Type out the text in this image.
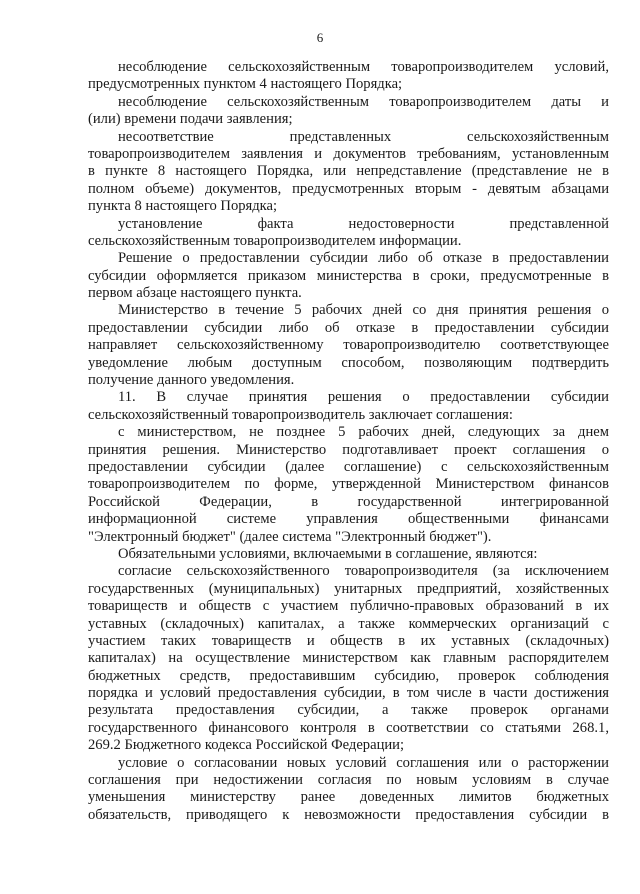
6
несоблюдение сельскохозяйственным товаропроизводителем условий,
предусмотренных пунктом 4 настоящего Порядка;
несоблюдение сельскохозяйственным товаропроизводителем даты и
(или) времени подачи заявления;
несоответствие представленных сельскохозяйственным
товаропроизводителем заявления и документов требованиям, установленным
в пункте 8 настоящего Порядка, или непредставление (представление не в
полном объеме) документов, предусмотренных вторым - девятым абзацами
пункта 8 настоящего Порядка;
установление факта недостоверности представленной
сельскохозяйственным товаропроизводителем информации.
Решение о предоставлении субсидии либо об отказе в предоставлении
субсидии оформляется приказом министерства в сроки, предусмотренные в
первом абзаце настоящего пункта.
Министерство в течение 5 рабочих дней со дня принятия решения о
предоставлении субсидии либо об отказе в предоставлении субсидии
направляет сельскохозяйственному товаропроизводителю соответствующее
уведомление любым доступным способом, позволяющим подтвердить
получение данного уведомления.
11. В случае принятия решения о предоставлении субсидии
сельскохозяйственный товаропроизводитель заключает соглашения:
с министерством, не позднее 5 рабочих дней, следующих за днем
принятия решения. Министерство подготавливает проект соглашения о
предоставлении субсидии (далее соглашение) с сельскохозяйственным
товаропроизводителем по форме, утвержденной Министерством финансов
Российской Федерации, в государственной интегрированной
информационной системе управления общественными финансами
"Электронный бюджет" (далее система "Электронный бюджет").
Обязательными условиями, включаемыми в соглашение, являются:
согласие сельскохозяйственного товаропроизводителя (за исключением
государственных (муниципальных) унитарных предприятий, хозяйственных
товариществ и обществ с участием публично-правовых образований в их
уставных (складочных) капиталах, а также коммерческих организаций с
участием таких товариществ и обществ в их уставных (складочных)
капиталах) на осуществление министерством как главным распорядителем
бюджетных средств, предоставившим субсидию, проверок соблюдения
порядка и условий предоставления субсидии, в том числе в части достижения
результата предоставления субсидии, а также проверок органами
государственного финансового контроля в соответствии со статьями 268.1,
269.2 Бюджетного кодекса Российской Федерации;
условие о согласовании новых условий соглашения или о расторжении
соглашения при недостижении согласия по новым условиям в случае
уменьшения министерству ранее доведенных лимитов бюджетных
обязательств, приводящего к невозможности предоставления субсидии в
